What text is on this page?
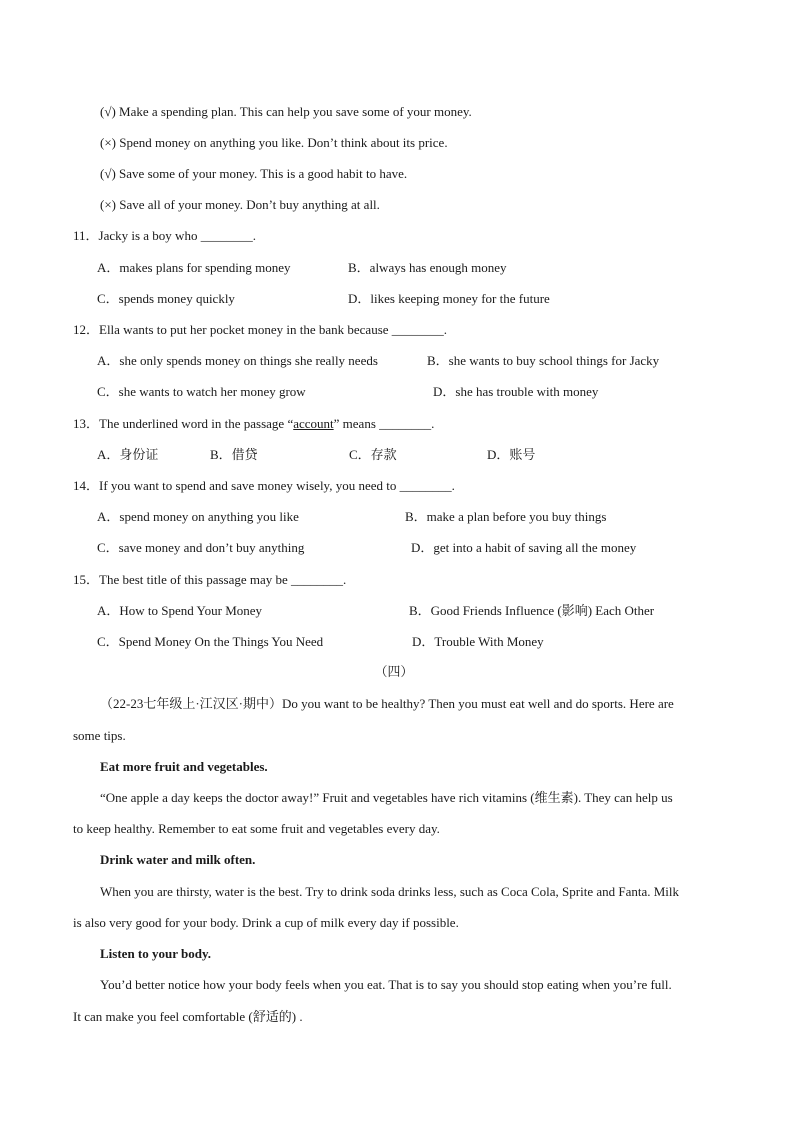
(√) Make a spending plan. This can help you save some of your money.
(×) Spend money on anything you like. Don’t think about its price.
(√) Save some of your money. This is a good habit to have.
(×) Save all of your money. Don’t buy anything at all.
11．Jacky is a boy who ________.
A．makes plans for spending money	B．always has enough money
C．spends money quickly	D．likes keeping money for the future
12．Ella wants to put her pocket money in the bank because ________.
A．she only spends money on things she really needs	B．she wants to buy school things for Jacky
C．she wants to watch her money grow	D．she has trouble with money
13．The underlined word in the passage “account” means ________.
A．身份证	B．借贷	C．存款	D．账号
14．If you want to spend and save money wisely, you need to ________.
A．spend money on anything you like	B．make a plan before you buy things
C．save money and don’t buy anything	D．get into a habit of saving all the money
15．The best title of this passage may be ________.
A．How to Spend Your Money	B．Good Friends Influence (影响) Each Other
C．Spend Money On the Things You Need	D．Trouble With Money
（四）
（22-23七年级上·江汉区·期中）Do you want to be healthy? Then you must eat well and do sports. Here are
some tips.
Eat more fruit and vegetables.
“One apple a day keeps the doctor away!” Fruit and vegetables have rich vitamins (维生素). They can help us
to keep healthy. Remember to eat some fruit and vegetables every day.
Drink water and milk often.
When you are thirsty, water is the best. Try to drink soda drinks less, such as Coca Cola, Sprite and Fanta. Milk
is also very good for your body. Drink a cup of milk every day if possible.
Listen to your body.
You’d better notice how your body feels when you eat. That is to say you should stop eating when you’re full.
It can make you feel comfortable (舒适的) .
